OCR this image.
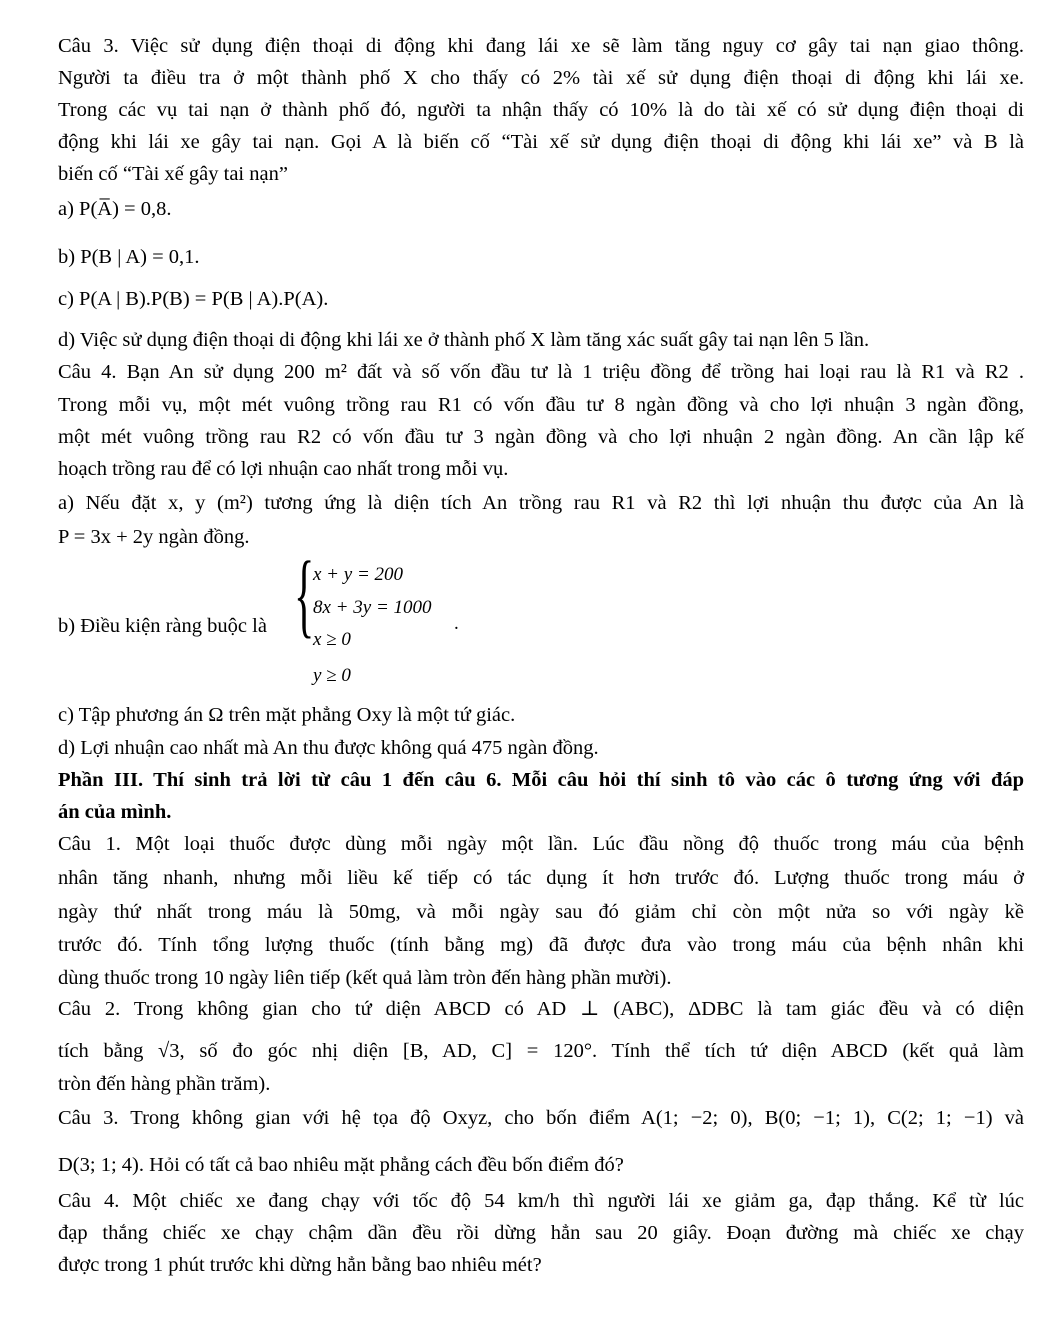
Câu 3. Việc sử dụng điện thoại di động khi đang lái xe sẽ làm tăng nguy cơ gây tai nạn giao thông.
Người ta điều tra ở một thành phố X cho thấy có 2% tài xế sử dụng điện thoại di động khi lái xe.
Trong các vụ tai nạn ở thành phố đó, người ta nhận thấy có 10% là do tài xế có sử dụng điện thoại di
động khi lái xe gây tai nạn. Gọi A là biến cố “Tài xế sử dụng điện thoại di động khi lái xe” và B là
biến cố “Tài xế gây tai nạn”
a) P(A̅) = 0,8.
b) P(B | A) = 0,1.
c) P(A | B).P(B) = P(B | A).P(A).
d) Việc sử dụng điện thoại di động khi lái xe ở thành phố X làm tăng xác suất gây tai nạn lên 5 lần.
Câu 4. Bạn An sử dụng 200 m² đất và số vốn đầu tư là 1 triệu đồng để trồng hai loại rau là R1 và R2 .
Trong mỗi vụ, một mét vuông trồng rau R1 có vốn đầu tư 8 ngàn đồng và cho lợi nhuận 3 ngàn đồng,
một mét vuông trồng rau R2 có vốn đầu tư 3 ngàn đồng và cho lợi nhuận 2 ngàn đồng. An cần lập kế
hoạch trồng rau để có lợi nhuận cao nhất trong mỗi vụ.
a) Nếu đặt x, y (m²) tương ứng là diện tích An trồng rau R1 và R2 thì lợi nhuận thu được của An là
P = 3x + 2y ngàn đồng.
b) Điều kiện ràng buộc là {
x + y = 200
8x + 3y = 1000
x ≥ 0
y ≥ 0
.
c) Tập phương án Ω trên mặt phẳng Oxy là một tứ giác.
d) Lợi nhuận cao nhất mà An thu được không quá 475 ngàn đồng.
Phần III. Thí sinh trả lời từ câu 1 đến câu 6. Mỗi câu hỏi thí sinh tô vào các ô tương ứng với đáp
án của mình.
Câu 1. Một loại thuốc được dùng mỗi ngày một lần. Lúc đầu nồng độ thuốc trong máu của bệnh
nhân tăng nhanh, nhưng mỗi liều kế tiếp có tác dụng ít hơn trước đó. Lượng thuốc trong máu ở
ngày thứ nhất trong máu là 50mg, và mỗi ngày sau đó giảm chỉ còn một nửa so với ngày kề
trước đó. Tính tổng lượng thuốc (tính bằng mg) đã được đưa vào trong máu của bệnh nhân khi
dùng thuốc trong 10 ngày liên tiếp (kết quả làm tròn đến hàng phần mười).
Câu 2. Trong không gian cho tứ diện ABCD có AD ⊥ (ABC), ΔDBC là tam giác đều và có diện
tích bằng √3, số đo góc nhị diện [B, AD, C] = 120°. Tính thể tích tứ diện ABCD (kết quả làm
tròn đến hàng phần trăm).
Câu 3. Trong không gian với hệ tọa độ Oxyz, cho bốn điểm A(1; −2; 0), B(0; −1; 1), C(2; 1; −1) và
D(3; 1; 4). Hỏi có tất cả bao nhiêu mặt phẳng cách đều bốn điểm đó?
Câu 4. Một chiếc xe đang chạy với tốc độ 54 km/h thì người lái xe giảm ga, đạp thắng. Kể từ lúc
đạp thắng chiếc xe chạy chậm dần đều rồi dừng hẳn sau 20 giây. Đoạn đường mà chiếc xe chạy
được trong 1 phút trước khi dừng hẳn bằng bao nhiêu mét?
